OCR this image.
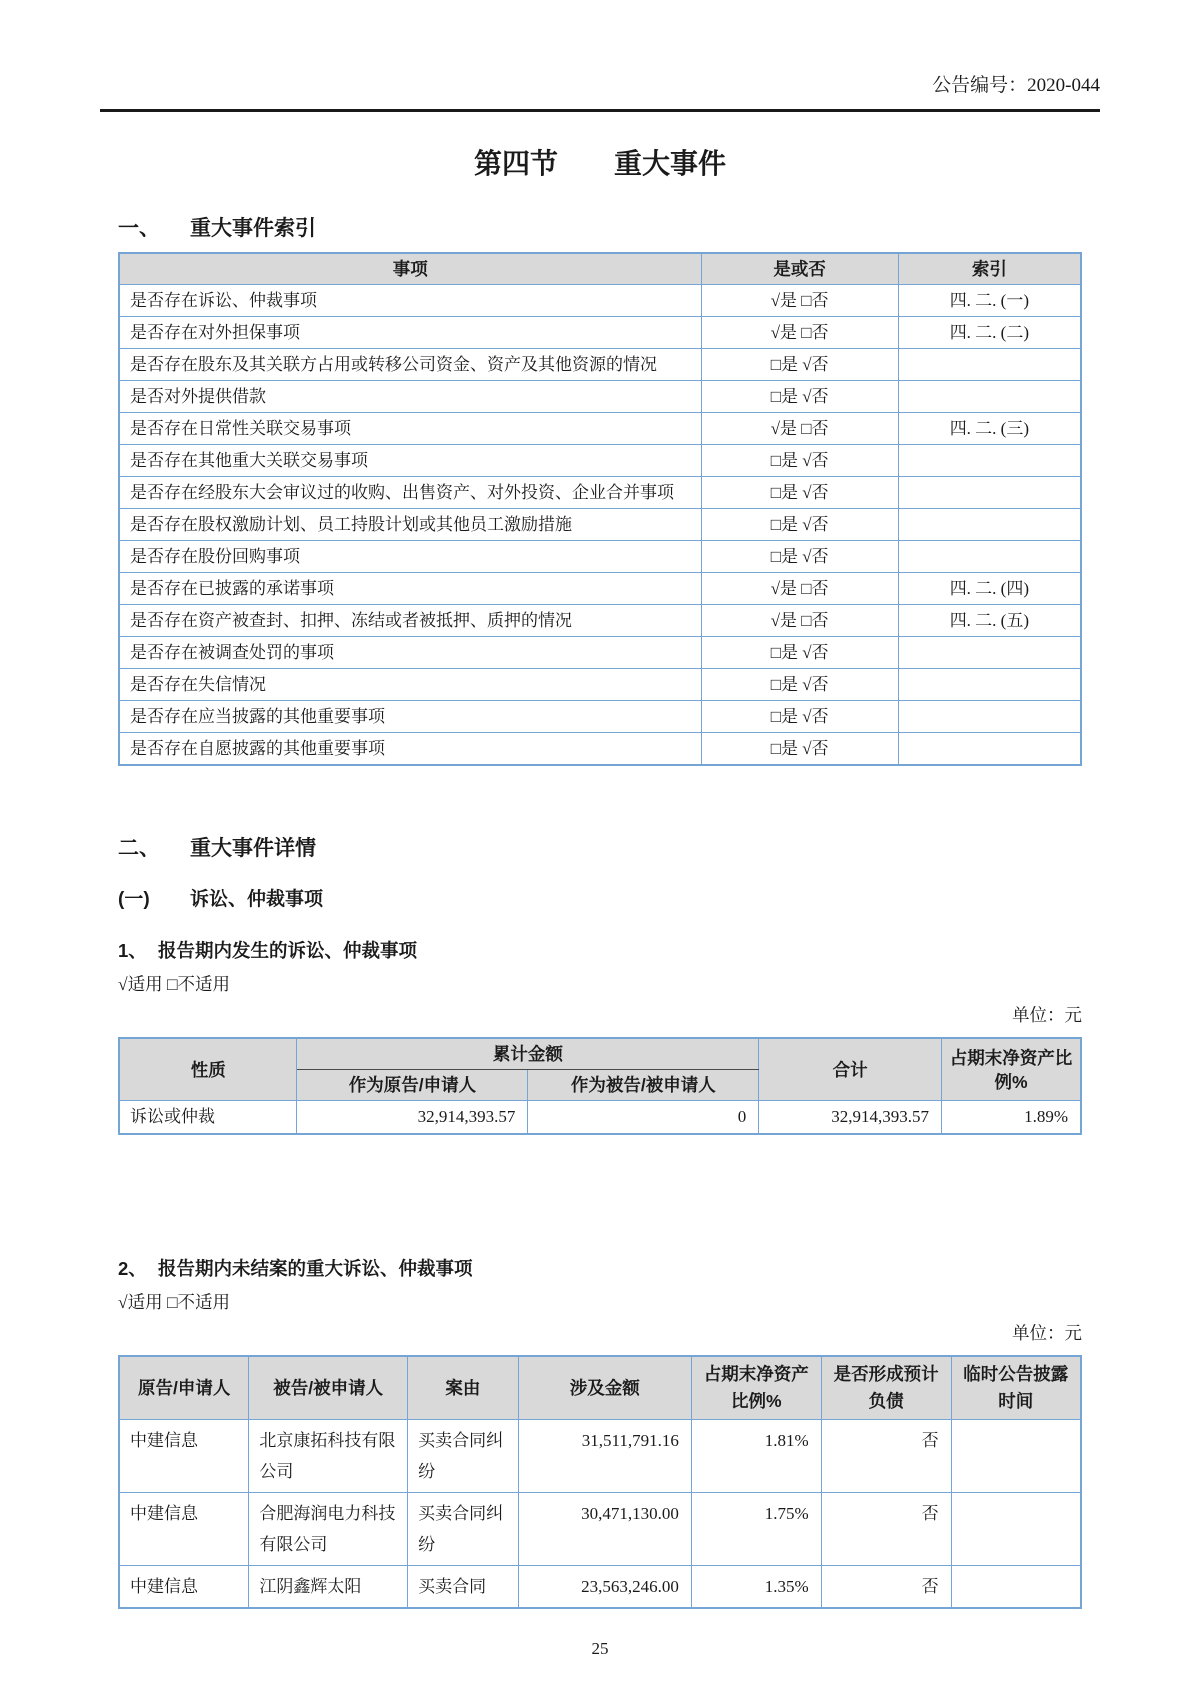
公告编号：2020-044
第四节　　重大事件
一、 重大事件索引
事项	是或否	索引
是否存在诉讼、仲裁事项	√是 □否	四. 二. (一)
是否存在对外担保事项	√是 □否	四. 二. (二)
是否存在股东及其关联方占用或转移公司资金、资产及其他资源的情况	□是 √否	
是否对外提供借款	□是 √否	
是否存在日常性关联交易事项	√是 □否	四. 二. (三)
是否存在其他重大关联交易事项	□是 √否	
是否存在经股东大会审议过的收购、出售资产、对外投资、企业合并事项	□是 √否	
是否存在股权激励计划、员工持股计划或其他员工激励措施	□是 √否	
是否存在股份回购事项	□是 √否	
是否存在已披露的承诺事项	√是 □否	四. 二. (四)
是否存在资产被查封、扣押、冻结或者被抵押、质押的情况	√是 □否	四. 二. (五)
是否存在被调查处罚的事项	□是 √否	
是否存在失信情况	□是 √否	
是否存在应当披露的其他重要事项	□是 √否	
是否存在自愿披露的其他重要事项	□是 √否	
二、 重大事件详情
(一) 诉讼、仲裁事项
1、 报告期内发生的诉讼、仲裁事项
√适用 □不适用
单位：元
性质	累计金额		合计	占期末净资产比例%
	作为原告/申请人	作为被告/被申请人		
诉讼或仲裁	32,914,393.57	0	32,914,393.57	1.89%
2、 报告期内未结案的重大诉讼、仲裁事项
√适用 □不适用
单位：元
原告/申请人	被告/被申请人	案由	涉及金额	占期末净资产比例%	是否形成预计负债	临时公告披露时间
中建信息	北京康拓科技有限公司	买卖合同纠纷	31,511,791.16	1.81%	否	
中建信息	合肥海润电力科技有限公司	买卖合同纠纷	30,471,130.00	1.75%	否	
中建信息	江阴鑫辉太阳	买卖合同	23,563,246.00	1.35%	否	
25
